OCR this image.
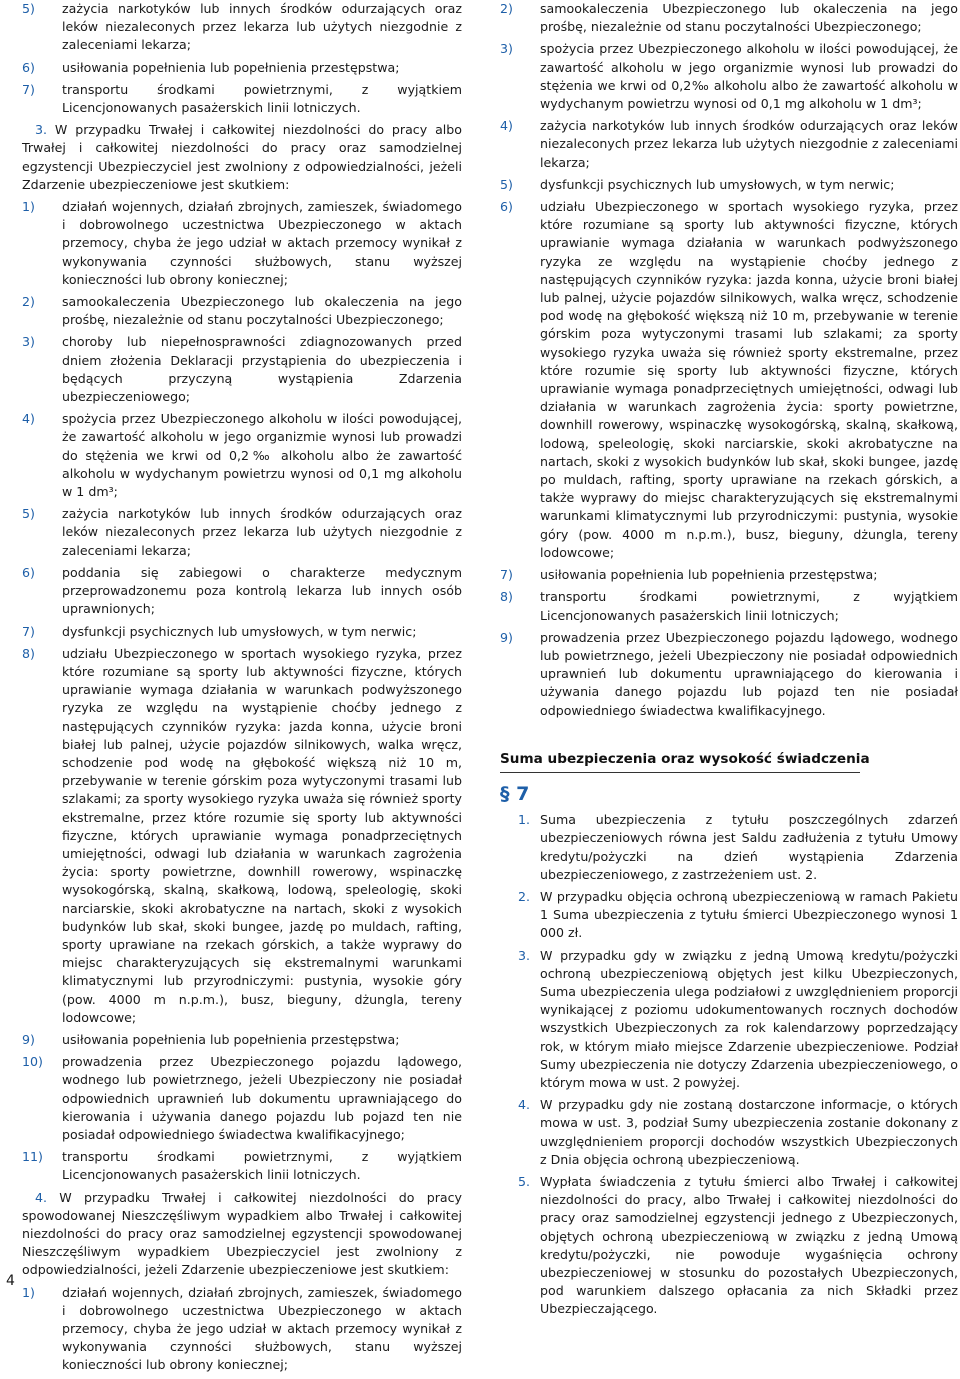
5) zażycia narkotyków lub innych środków odurzających oraz leków niezaleconych przez lekarza lub użytych niezgodnie z zaleceniami lekarza;
6) usiłowania popełnienia lub popełnienia przestępstwa;
7) transportu środkami powietrznymi, z wyjątkiem Licencjonowanych pasażerskich linii lotniczych.
3. W przypadku Trwałej i całkowitej niezdolności do pracy albo Trwałej i całkowitej niezdolności do pracy oraz samodzielnej egzystencji Ubezpieczyciel jest zwolniony z odpowiedzialności, jeżeli Zdarzenie ubezpieczeniowe jest skutkiem:
1) działań wojennych, działań zbrojnych, zamieszek, świadomego i dobrowolnego uczestnictwa Ubezpieczonego w aktach przemocy, chyba że jego udział w aktach przemocy wynikał z wykonywania czynności służbowych, stanu wyższej konieczności lub obrony koniecznej;
2) samookaleczenia Ubezpieczonego lub okaleczenia na jego prośbę, niezależnie od stanu poczytalności Ubezpieczonego;
3) choroby lub niepełnosprawności zdiagnozowanych przed dniem złożenia Deklaracji przystąpienia do ubezpieczenia i będących przyczyną wystąpienia Zdarzenia ubezpieczeniowego;
4) spożycia przez Ubezpieczonego alkoholu w ilości powodującej, że zawartość alkoholu w jego organizmie wynosi lub prowadzi do stężenia we krwi od 0,2‰ alkoholu albo że zawartość alkoholu w wydychanym powietrzu wynosi od 0,1 mg alkoholu w 1 dm³;
5) zażycia narkotyków lub innych środków odurzających oraz leków niezaleconych przez lekarza lub użytych niezgodnie z zaleceniami lekarza;
6) poddania się zabiegowi o charakterze medycznym przeprowadzonemu poza kontrolą lekarza lub innych osób uprawnionych;
7) dysfunkcji psychicznych lub umysłowych, w tym nerwic;
8) udziału Ubezpieczonego w sportach wysokiego ryzyka, przez które rozumiane są sporty lub aktywności fizyczne, których uprawianie wymaga działania w warunkach podwyższonego ryzyka ze względu na wystąpienie choćby jednego z następujących czynników ryzyka: jazda konna, użycie broni białej lub palnej, użycie pojazdów silnikowych, walka wręcz, schodzenie pod wodę na głębokość większą niż 10 m, przebywanie w terenie górskim poza wytyczonymi trasami lub szlakami; za sporty wysokiego ryzyka uważa się również sporty ekstremalne, przez które rozumie się sporty lub aktywności fizyczne, których uprawianie wymaga ponadprzeciętnych umiejętności, odwagi lub działania w warunkach zagrożenia życia: sporty powietrzne, downhill rowerowy, wspinaczkę wysokogórską, skalną, skałkową, lodową, speleologię, skoki narciarskie, skoki akrobatyczne na nartach, skoki z wysokich budynków lub skał, skoki bungee, jazdę po muldach, rafting, sporty uprawiane na rzekach górskich, a także wyprawy do miejsc charakteryzujących się ekstremalnymi warunkami klimatycznymi lub przyrodniczymi: pustynia, wysokie góry (pow. 4000 m n.p.m.), busz, bieguny, dżungla, tereny lodowcowe;
9) usiłowania popełnienia lub popełnienia przestępstwa;
10) prowadzenia przez Ubezpieczonego pojazdu lądowego, wodnego lub powietrznego, jeżeli Ubezpieczony nie posiadał odpowiednich uprawnień lub dokumentu uprawniającego do kierowania i używania danego pojazdu lub pojazd ten nie posiadał odpowiedniego świadectwa kwalifikacyjnego;
11) transportu środkami powietrznymi, z wyjątkiem Licencjonowanych pasażerskich linii lotniczych.
4. W przypadku Trwałej i całkowitej niezdolności do pracy spowodowanej Nieszczęśliwym wypadkiem albo Trwałej i całkowitej niezdolności do pracy oraz samodzielnej egzystencji spowodowanej Nieszczęśliwym wypadkiem Ubezpieczyciel jest zwolniony z odpowiedzialności, jeżeli Zdarzenie ubezpieczeniowe jest skutkiem:
1) działań wojennych, działań zbrojnych, zamieszek, świadomego i dobrowolnego uczestnictwa Ubezpieczonego w aktach przemocy, chyba że jego udział w aktach przemocy wynikał z wykonywania czynności służbowych, stanu wyższej konieczności lub obrony koniecznej;
2) samookaleczenia Ubezpieczonego lub okaleczenia na jego prośbę, niezależnie od stanu poczytalności Ubezpieczonego;
3) spożycia przez Ubezpieczonego alkoholu w ilości powodującej, że zawartość alkoholu w jego organizmie wynosi lub prowadzi do stężenia we krwi od 0,2‰ alkoholu albo że zawartość alkoholu w wydychanym powietrzu wynosi od 0,1 mg alkoholu w 1 dm³;
4) zażycia narkotyków lub innych środków odurzających oraz leków niezaleconych przez lekarza lub użytych niezgodnie z zaleceniami lekarza;
5) dysfunkcji psychicznych lub umysłowych, w tym nerwic;
6) udziału Ubezpieczonego w sportach wysokiego ryzyka, przez które rozumiane są sporty lub aktywności fizyczne, których uprawianie wymaga działania w warunkach podwyższonego ryzyka ze względu na wystąpienie choćby jednego z następujących czynników ryzyka: jazda konna, użycie broni białej lub palnej, użycie pojazdów silnikowych, walka wręcz, schodzenie pod wodę na głębokość większą niż 10 m, przebywanie w terenie górskim poza wytyczonymi trasami lub szlakami; za sporty wysokiego ryzyka uważa się również sporty ekstremalne, przez które rozumie się sporty lub aktywności fizyczne, których uprawianie wymaga ponadprzeciętnych umiejętności, odwagi lub działania w warunkach zagrożenia życia: sporty powietrzne, downhill rowerowy, wspinaczkę wysokogórską, skalną, skałkową, lodową, speleologię, skoki narciarskie, skoki akrobatyczne na nartach, skoki z wysokich budynków lub skał, skoki bungee, jazdę po muldach, rafting, sporty uprawiane na rzekach górskich, a także wyprawy do miejsc charakteryzujących się ekstremalnymi warunkami klimatycznymi lub przyrodniczymi: pustynia, wysokie góry (pow. 4000 m n.p.m.), busz, bieguny, dżungla, tereny lodowcowe;
7) usiłowania popełnienia lub popełnienia przestępstwa;
8) transportu środkami powietrznymi, z wyjątkiem Licencjonowanych pasażerskich linii lotniczych;
9) prowadzenia przez Ubezpieczonego pojazdu lądowego, wodnego lub powietrznego, jeżeli Ubezpieczony nie posiadał odpowiednich uprawnień lub dokumentu uprawniającego do kierowania i używania danego pojazdu lub pojazd ten nie posiadał odpowiedniego świadectwa kwalifikacyjnego.
Suma ubezpieczenia oraz wysokość świadczenia
§ 7
1. Suma ubezpieczenia z tytułu poszczególnych zdarzeń ubezpieczeniowych równa jest Saldu zadłużenia z tytułu Umowy kredytu/pożyczki na dzień wystąpienia Zdarzenia ubezpieczeniowego, z zastrzeżeniem ust. 2.
2. W przypadku objęcia ochroną ubezpieczeniową w ramach Pakietu 1 Suma ubezpieczenia z tytułu śmierci Ubezpieczonego wynosi 1 000 zł.
3. W przypadku gdy w związku z jedną Umową kredytu/pożyczki ochroną ubezpieczeniową objętych jest kilku Ubezpieczonych, Suma ubezpieczenia ulega podziałowi z uwzględnieniem proporcji wynikającej z poziomu udokumentowanych rocznych dochodów wszystkich Ubezpieczonych za rok kalendarzowy poprzedzający rok, w którym miało miejsce Zdarzenie ubezpieczeniowe. Podział Sumy ubezpieczenia nie dotyczy Zdarzenia ubezpieczeniowego, o którym mowa w ust. 2 powyżej.
4. W przypadku gdy nie zostaną dostarczone informacje, o których mowa w ust. 3, podział Sumy ubezpieczenia zostanie dokonany z uwzględnieniem proporcji dochodów wszystkich Ubezpieczonych z Dnia objęcia ochroną ubezpieczeniową.
5. Wypłata świadczenia z tytułu śmierci albo Trwałej i całkowitej niezdolności do pracy, albo Trwałej i całkowitej niezdolności do pracy oraz samodzielnej egzystencji jednego z Ubezpieczonych, objętych ochroną ubezpieczeniową w związku z jedną Umową kredytu/pożyczki, nie powoduje wygaśnięcia ochrony ubezpieczeniowej w stosunku do pozostałych Ubezpieczonych, pod warunkiem dalszego opłacania za nich Składki przez Ubezpieczającego.
4
